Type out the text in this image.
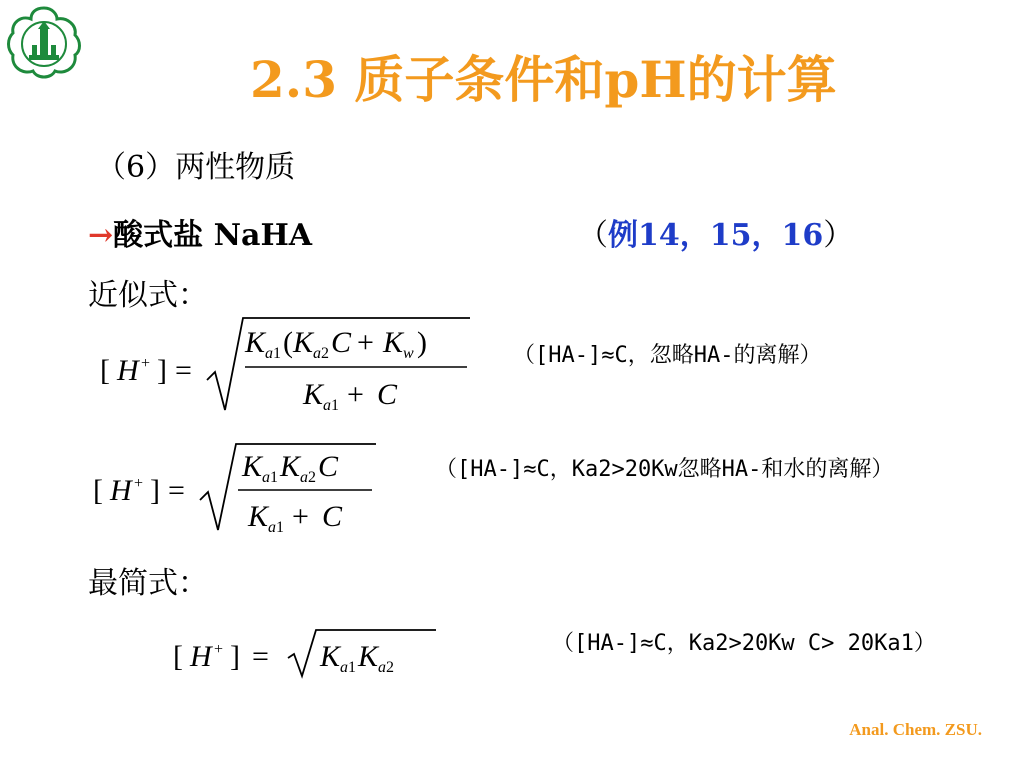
2.3 质子条件和pH的计算
（6）两性物质
→酸式盐 NaHA	（例14，15，16）
近似式：
[ H + ] =
K a 1 ( K a 2 C + K w )
K a 1 + C
（[HA-]≈C，忽略HA-的离解）
[ H + ] =
K a 1 K a 2 C
K a 1 + C
（[HA-]≈C，Ka2>20Kw忽略HA-和水的离解）
最简式：
[ H + ] = K a 1 K a 2
（[HA-]≈C，Ka2>20Kw C> 20Ka1）
Anal. Chem. ZSU.
